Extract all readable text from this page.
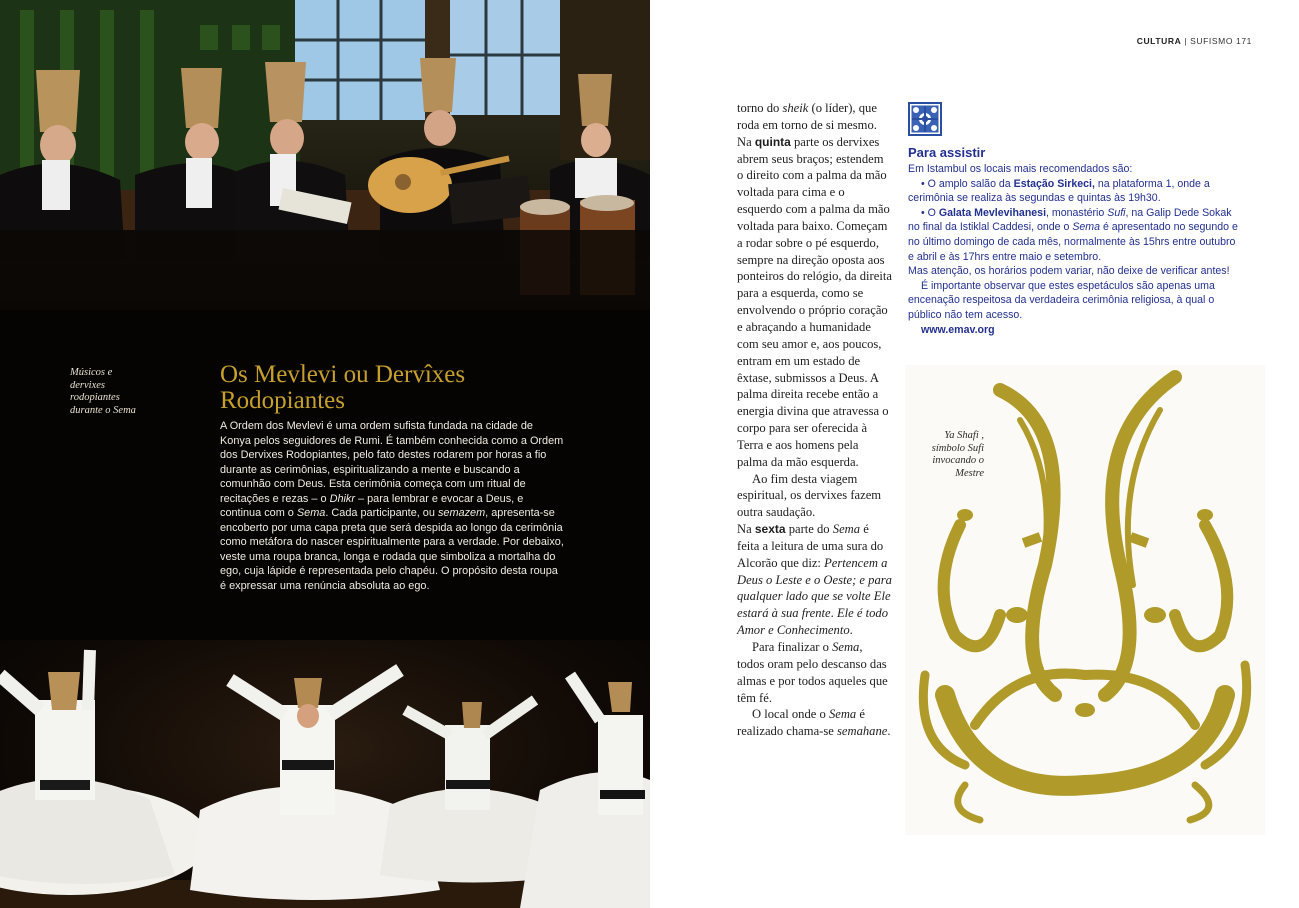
Músicos e
dervixes
rodopiantes
durante o Sema
Os Mevlevi ou Dervîxes
Rodopiantes
A Ordem dos Mevlevi é uma ordem sufista fundada na cidade de Konya pelos seguidores de Rumi. É também conhecida como a Ordem dos Dervixes Rodopiantes, pelo fato destes rodarem por horas a fio durante as cerimônias, espiritualizando a mente e buscando a comunhão com Deus. Esta cerimônia começa com um ritual de recitações e rezas – o Dhikr – para lembrar e evocar a Deus, e continua com o Sema. Cada participante, ou semazem, apresenta-se encoberto por uma capa preta que será despida ao longo da cerimônia como metáfora do nascer espiritualmente para a verdade. Por debaixo, veste uma roupa branca, longa e rodada que simboliza a mortalha do ego, cuja lápide é representada pelo chapéu. O propósito desta roupa é expressar uma renúncia absoluta ao ego.
CULTURA | SUFISMO 171

torno do sheik (o líder), que roda em torno de si mesmo.

Na quinta parte os dervixes abrem seus braços; estendem o direito com a palma da mão voltada para cima e o esquerdo com a palma da mão voltada para baixo. Começam a rodar sobre o pé esquerdo, sempre na direção oposta aos ponteiros do relógio, da direita para a esquerda, como se envolvendo o próprio coração e abraçando a humanidade com seu amor e, aos poucos, entram em um estado de êxtase, submissos a Deus. A palma direita recebe então a energia divina que atravessa o corpo para ser oferecida à Terra e aos homens pela palma da mão esquerda.

Ao fim desta viagem espiritual, os dervixes fazem outra saudação.

Na sexta parte do Sema é feita a leitura de uma sura do Alcorão que diz: Pertencem a Deus o Leste e o Oeste; e para qualquer lado que se volte Ele estará à sua frente. Ele é todo Amor e Conhecimento.

Para finalizar o Sema, todos oram pelo descanso das almas e por todos aqueles que têm fé.

O local onde o Sema é realizado chama-se semahane.

Para assistir

Em Istambul os locais mais recomendados são:

• O amplo salão da Estação Sirkeci, na plataforma 1, onde a cerimônia se realiza às segundas e quintas às 19h30.

• O Galata Mevlevihanesi, monastério Sufi, na Galip Dede Sokak no final da Istiklal Caddesi, onde o Sema é apresentado no segundo e no último domingo de cada mês, normalmente às 15hrs entre outubro e abril e às 17hrs entre maio e setembro.

Mas atenção, os horários podem variar, não deixe de verificar antes!

É importante observar que estes espetáculos são apenas uma encenação respeitosa da verdadeira cerimônia religiosa, à qual o público não tem acesso.

www.emav.org

Ya Shafi ,
símbolo Sufi
invocando o
Mestre
